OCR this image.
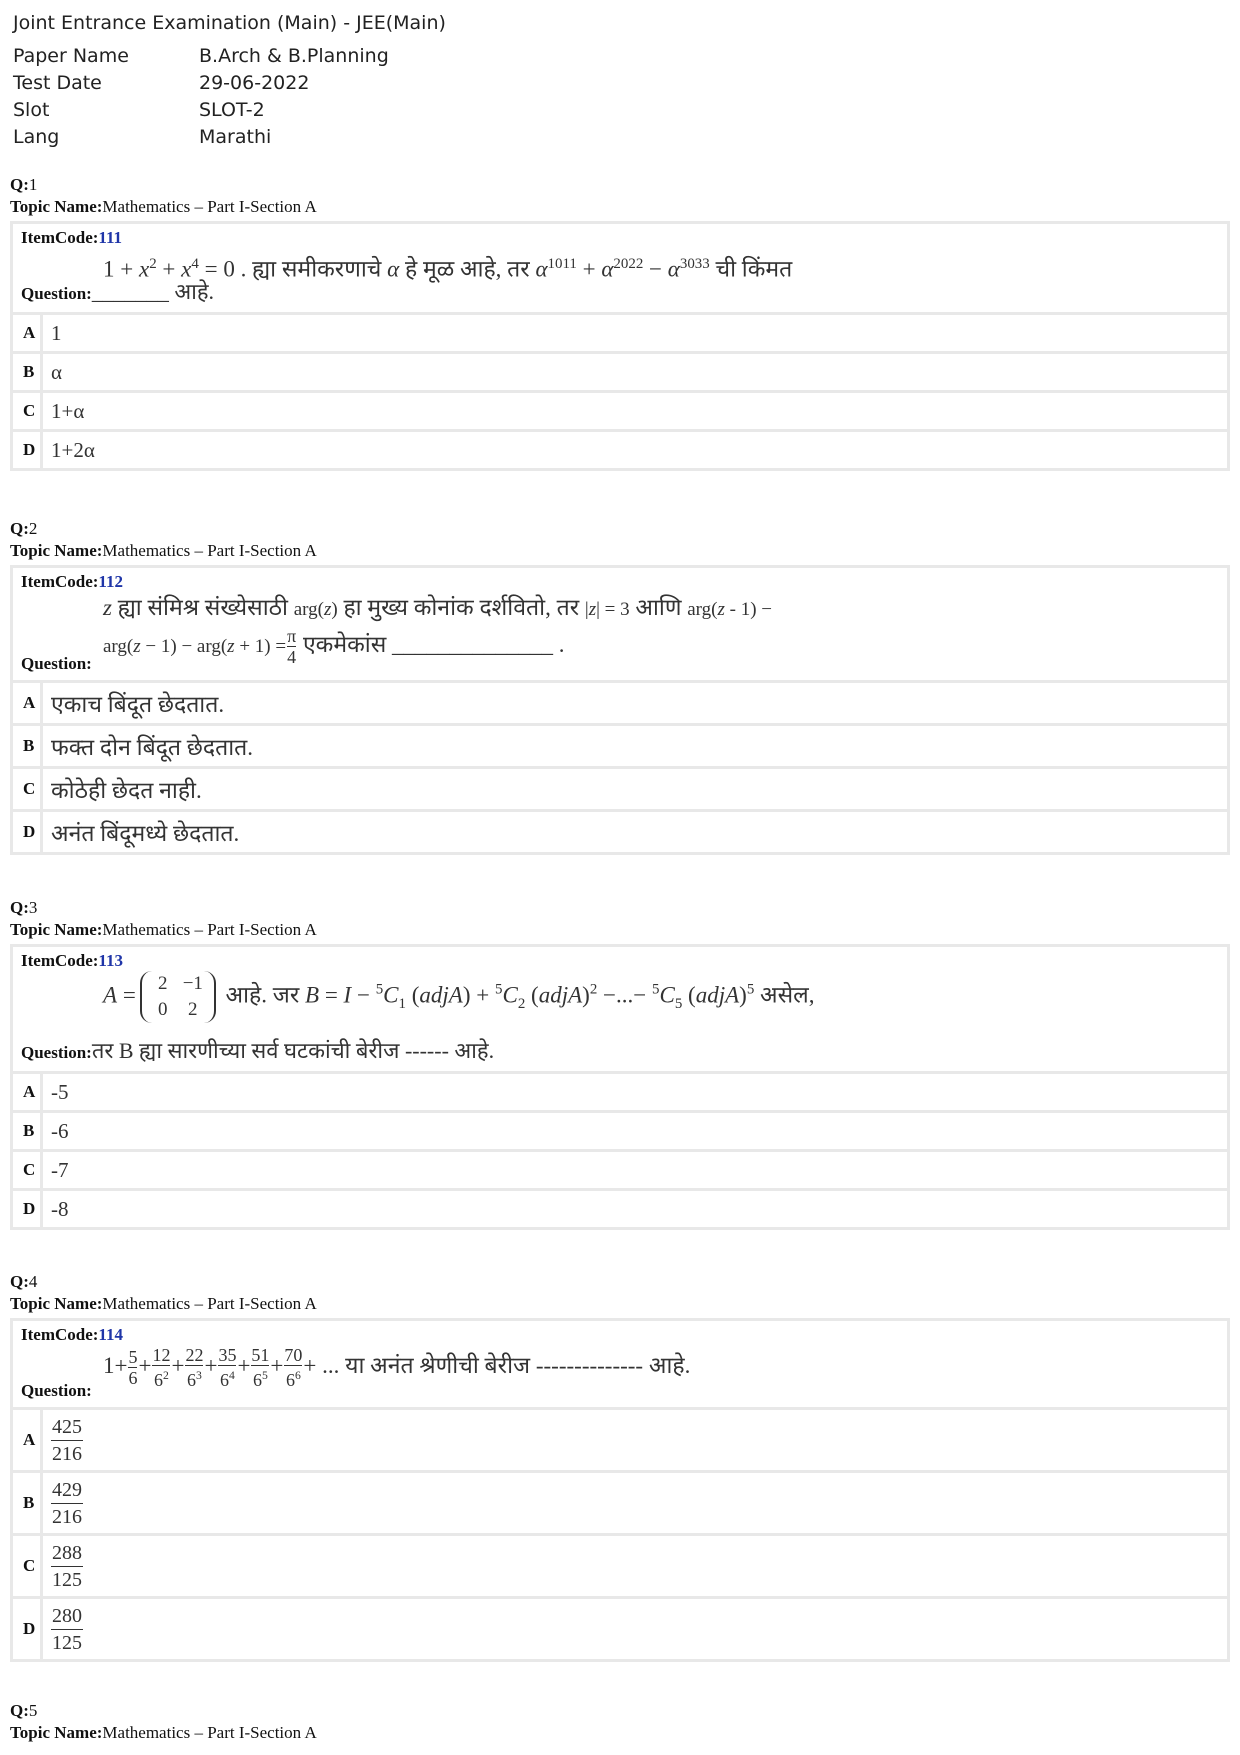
Joint Entrance Examination (Main) - JEE(Main)
Paper Name	B.Arch & B.Planning
Test Date	29-06-2022
Slot	SLOT-2
Lang	Marathi
Q:1
Topic Name:Mathematics – Part I-Section A
ItemCode:111
$1 + x^2 + x^4 = 0$ . ह्या समीकरणाचे α हे मूळ आहे, तर $\alpha^{1011} + \alpha^{2022} - \alpha^{3033}$ ची किंमत
Question:_______ आहे.
A 1
B α
C 1+α
D 1+2α
Q:2
Topic Name:Mathematics – Part I-Section A
ItemCode:112
z ह्या संमिश्र संख्येसाठी arg(z) हा मुख्य कोनांक दर्शवितो, तर |z| = 3 आणि arg(z - 1) −
$arg(z - 1) - arg(z + 1) = \frac{\pi}{4}$ एकमेकांस ______________ .
Question:
A एकाच बिंदूत छेदतात.
B फक्त दोन बिंदूत छेदतात.
C कोठेही छेदत नाही.
D अनंत बिंदूमध्ये छेदतात.
Q:3
Topic Name:Mathematics – Part I-Section A
ItemCode:113
A = 2 −1
0 2 आहे. जर $B = I - ^5C_1$ (adjA) + $^5C_2$ (adjA)$^2$ −...− $^5C_5$ (adjA)$^5$ असेल,
Question:तर B ह्या सारणीच्या सर्व घटकांची बेरीज ------ आहे.
A -5
B -6
C -7
D -8
Q:4
Topic Name:Mathematics – Part I-Section A
ItemCode:114
$1+ \frac{5}{6} + \frac{12}{6^2} + \frac{22}{6^3} + \frac{35}{6^4} + \frac{51}{6^5} + \frac{70}{6^6}$ + ... या अनंत श्रेणीची बेरीज -------------- आहे.
Question:
A $\frac{425}{216}$
B $\frac{429}{216}$
C $\frac{288}{125}$
D $\frac{280}{125}$
Q:5
Topic Name:Mathematics – Part I-Section A
